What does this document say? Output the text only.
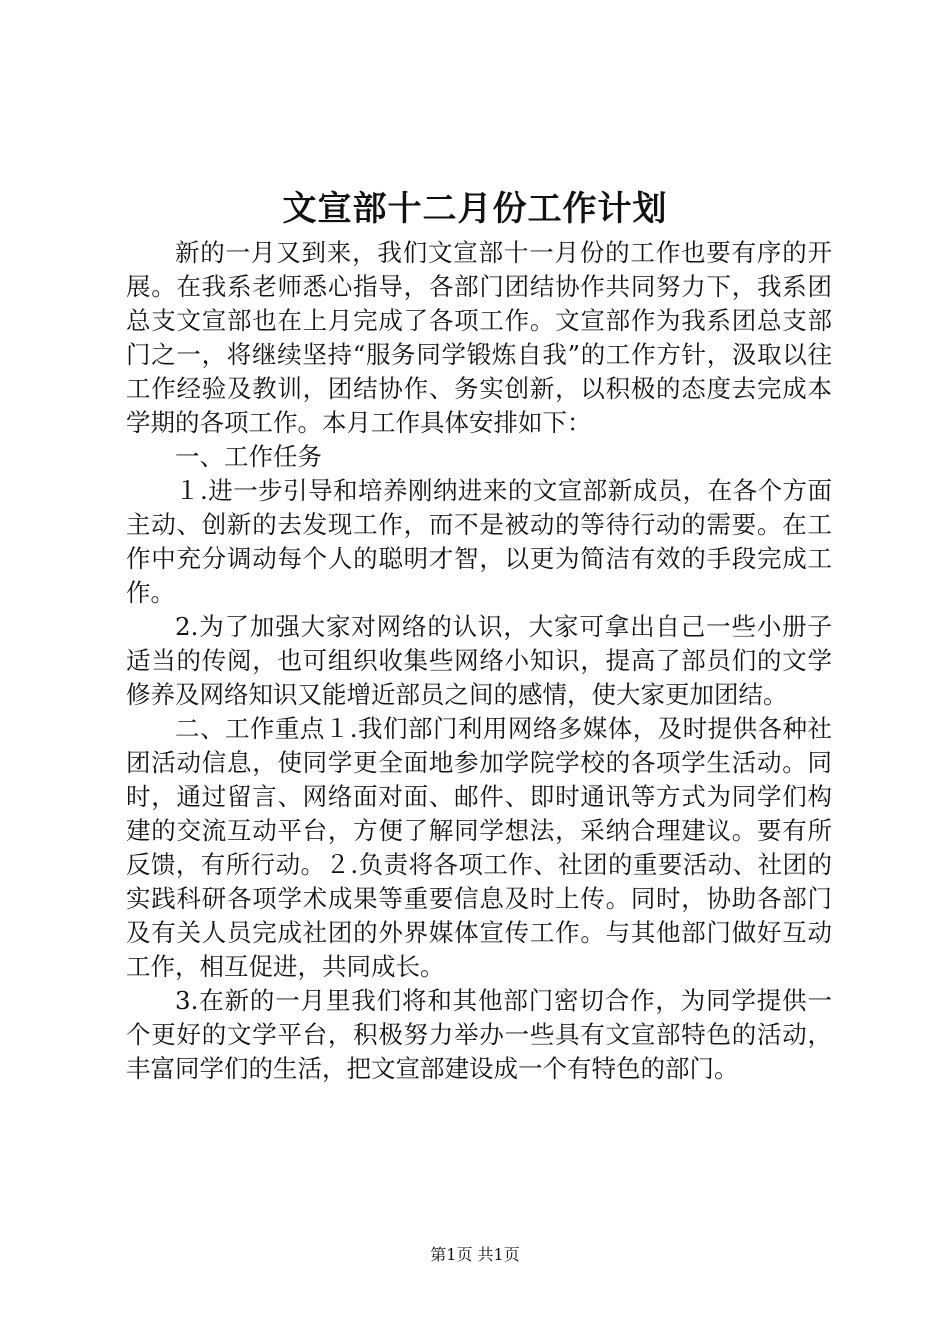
文宣部十二月份工作计划

新的一月又到来，我们文宣部十一月份的工作也要有序的开展。在我系老师悉心指导，各部门团结协作共同努力下，我系团总支文宣部也在上月完成了各项工作。文宣部作为我系团总支部门之一，将继续坚持“服务同学锻炼自我”的工作方针，汲取以往工作经验及教训，团结协作、务实创新，以积极的态度去完成本学期的各项工作。本月工作具体安排如下：

一、工作任务

１.进一步引导和培养刚纳进来的文宣部新成员，在各个方面主动、创新的去发现工作，而不是被动的等待行动的需要。在工作中充分调动每个人的聪明才智，以更为简洁有效的手段完成工作。

2.为了加强大家对网络的认识，大家可拿出自己一些小册子适当的传阅，也可组织收集些网络小知识，提高了部员们的文学修养及网络知识又能增近部员之间的感情，使大家更加团结。

二、工作重点１.我们部门利用网络多媒体，及时提供各种社团活动信息，使同学更全面地参加学院学校的各项学生活动。同时，通过留言、网络面对面、邮件、即时通讯等方式为同学们构建的交流互动平台，方便了解同学想法，采纳合理建议。要有所反馈，有所行动。２.负责将各项工作、社团的重要活动、社团的实践科研各项学术成果等重要信息及时上传。同时，协助各部门及有关人员完成社团的外界媒体宣传工作。与其他部门做好互动工作，相互促进，共同成长。

3.在新的一月里我们将和其他部门密切合作，为同学提供一个更好的文学平台，积极努力举办一些具有文宣部特色的活动，丰富同学们的生活，把文宣部建设成一个有特色的部门。

第1页 共1页
